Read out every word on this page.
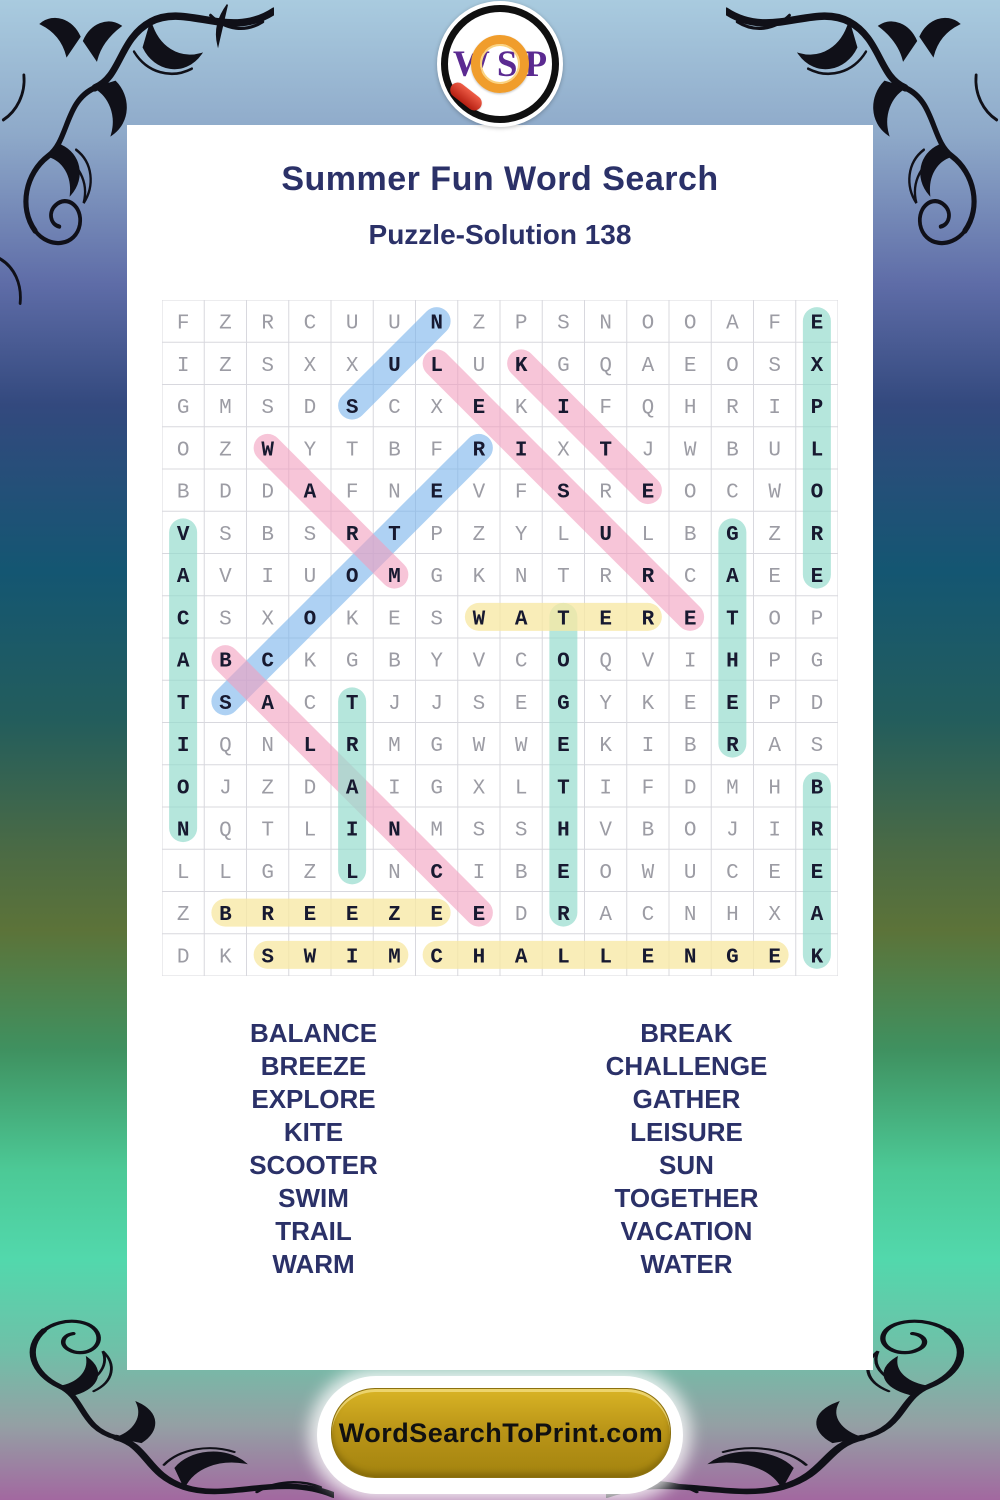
W S P
Summer Fun Word Search
Puzzle-Solution 138
F Z R C U U N Z P S N O O A F E
I Z S X X U L U K G Q A E O S X
G M S D S C X E K I F Q H R I P
O Z W Y T B F R I X T J W B U L
B D D A F N E V F S R E O C W O
V S B S R T P Z Y L U L B G Z R
A V I U O M G K N T R R C A E E
C S X O K E S W A T E R E T O P
A B C K G B Y V C O Q V I H P G
T S A C T J J S E G Y K E E P D
I Q N L R M G W W E K I B R A S
O J Z D A I G X L T I F D M H B
N Q T L I N M S S H V B O J I R
L L G Z L N C I B E O W U C E E
Z B R E E Z E E D R A C N H X A
D K S W I M C H A L L E N G E K
BALANCE
BREEZE
EXPLORE
KITE
SCOOTER
SWIM
TRAIL
WARM
BREAK
CHALLENGE
GATHER
LEISURE
SUN
TOGETHER
VACATION
WATER
WordSearchToPrint.com
